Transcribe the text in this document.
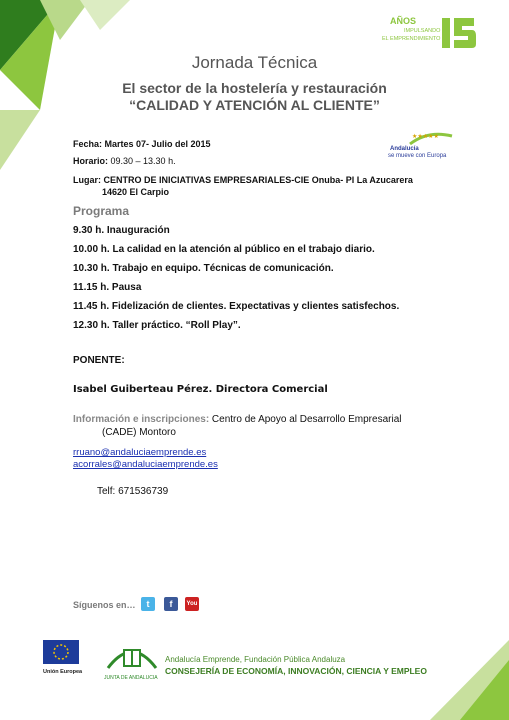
AÑOS
IMPULSANDO
EL EMPRENDIMIENTO
Jornada Técnica
El sector de la hostelería y restauración
“CALIDAD Y ATENCIÓN AL CLIENTE”
★★★★★
Andalucía
se mueve con Europa
Fecha: Martes 07- Julio del 2015
Horario: 09.30 – 13.30 h.
Lugar: CENTRO DE INICIATIVAS EMPRESARIALES-CIE Onuba- Pl La Azucarera
14620 El Carpio
Programa
9.30 h. Inauguración
10.00 h. La calidad en la atención al público en el trabajo diario.
10.30 h. Trabajo en equipo. Técnicas de comunicación.
11.15 h. Pausa
11.45 h. Fidelización de clientes. Expectativas y clientes satisfechos.
12.30 h. Taller práctico. “Roll Play”.
PONENTE:
Isabel Guiberteau Pérez. Directora Comercial
Información e inscripciones: Centro de Apoyo al Desarrollo Empresarial
(CADE) Montoro
rruano@andaluciaemprende.es
acorrales@andaluciaemprende.es
Telf: 671536739
Síguenos en…	t	f	You
Unión Europea
JUNTA DE ANDALUCIA
Andalucía Emprende, Fundación Pública Andaluza
CONSEJERÍA DE ECONOMÍA, INNOVACIÓN, CIENCIA Y EMPLEO
